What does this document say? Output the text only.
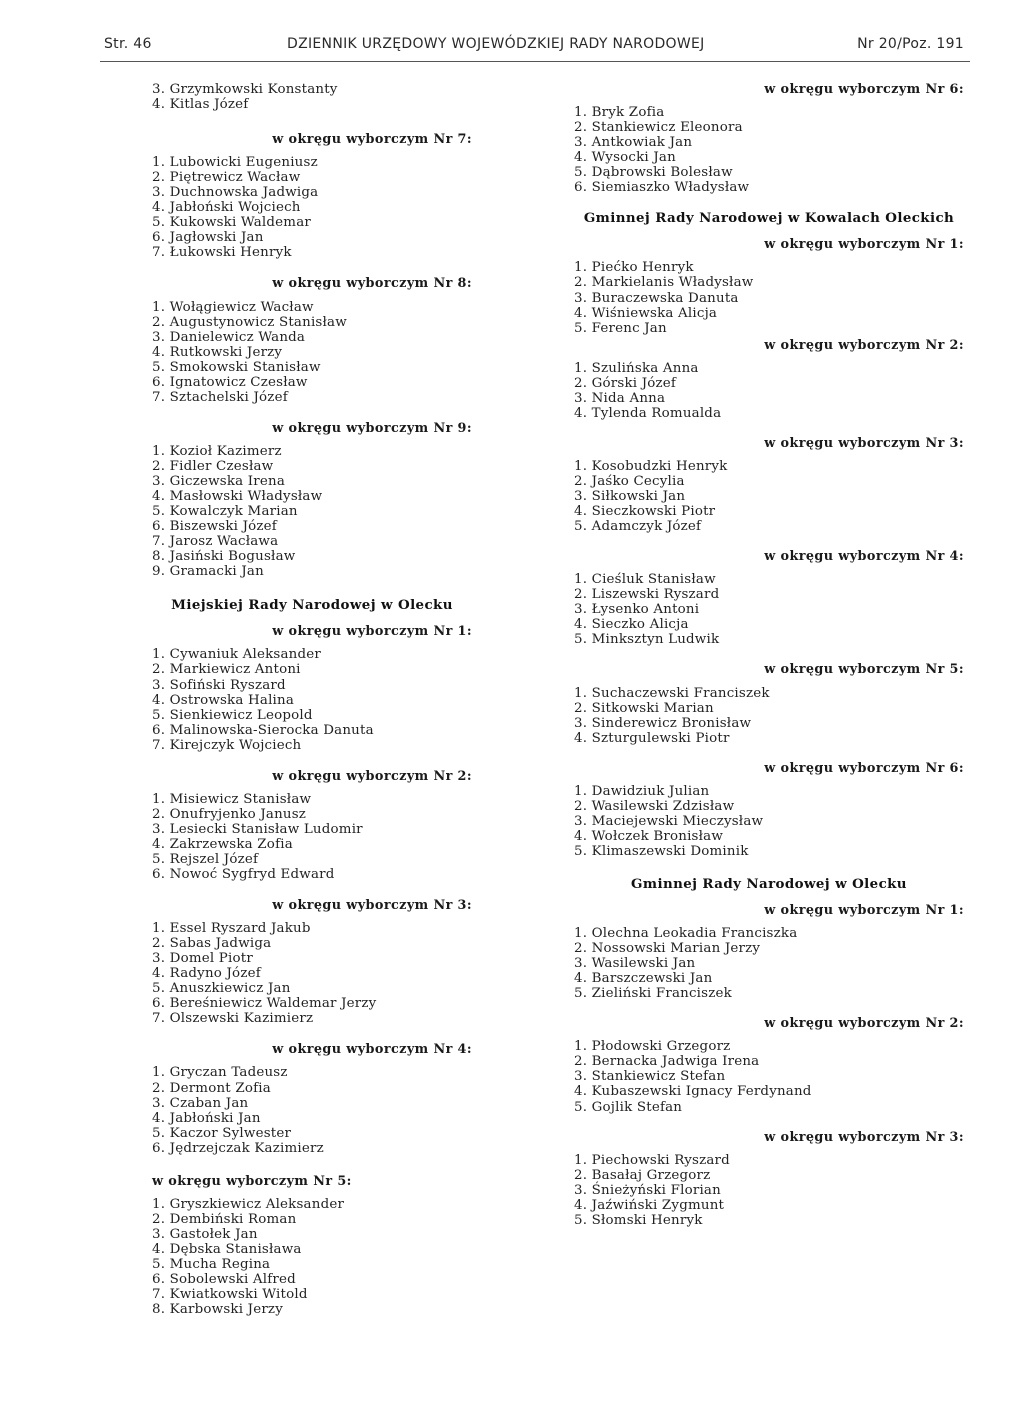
Str. 46	DZIENNIK URZĘDOWY WOJEWÓDZKIEJ RADY NARODOWEJ	Nr 20/Poz. 191
3. Grzymkowski Konstanty
4. Kitlas Józef
w okręgu wyborczym Nr 7:
1. Lubowicki Eugeniusz
2. Piętrewicz Wacław
3. Duchnowska Jadwiga
4. Jabłoński Wojciech
5. Kukowski Waldemar
6. Jagłowski Jan
7. Łukowski Henryk
w okręgu wyborczym Nr 8:
1. Wołągiewicz Wacław
2. Augustynowicz Stanisław
3. Danielewicz Wanda
4. Rutkowski Jerzy
5. Smokowski Stanisław
6. Ignatowicz Czesław
7. Sztachelski Józef
w okręgu wyborczym Nr 9:
1. Kozioł Kazimerz
2. Fidler Czesław
3. Giczewska Irena
4. Masłowski Władysław
5. Kowalczyk Marian
6. Biszewski Józef
7. Jarosz Wacława
8. Jasiński Bogusław
9. Gramacki Jan
Miejskiej Rady Narodowej w Olecku
w okręgu wyborczym Nr 1:
1. Cywaniuk Aleksander
2. Markiewicz Antoni
3. Sofiński Ryszard
4. Ostrowska Halina
5. Sienkiewicz Leopold
6. Malinowska-Sierocka Danuta
7. Kirejczyk Wojciech
w okręgu wyborczym Nr 2:
1. Misiewicz Stanisław
2. Onufryjenko Janusz
3. Lesiecki Stanisław Ludomir
4. Zakrzewska Zofia
5. Rejszel Józef
6. Nowoć Sygfryd Edward
w okręgu wyborczym Nr 3:
1. Essel Ryszard Jakub
2. Sabas Jadwiga
3. Domel Piotr
4. Radyno Józef
5. Anuszkiewicz Jan
6. Bereśniewicz Waldemar Jerzy
7. Olszewski Kazimierz
w okręgu wyborczym Nr 4:
1. Gryczan Tadeusz
2. Dermont Zofia
3. Czaban Jan
4. Jabłoński Jan
5. Kaczor Sylwester
6. Jędrzejczak Kazimierz
w okręgu wyborczym Nr 5:
1. Gryszkiewicz Aleksander
2. Dembiński Roman
3. Gastołek Jan
4. Dębska Stanisława
5. Mucha Regina
6. Sobolewski Alfred
7. Kwiatkowski Witold
8. Karbowski Jerzy
w okręgu wyborczym Nr 6:
1. Bryk Zofia
2. Stankiewicz Eleonora
3. Antkowiak Jan
4. Wysocki Jan
5. Dąbrowski Bolesław
6. Siemiaszko Władysław
Gminnej Rady Narodowej w Kowalach Oleckich
w okręgu wyborczym Nr 1:
1. Piećko Henryk
2. Markielanis Władysław
3. Buraczewska Danuta
4. Wiśniewska Alicja
5. Ferenc Jan
w okręgu wyborczym Nr 2:
1. Szulińska Anna
2. Górski Józef
3. Nida Anna
4. Tylenda Romualda
w okręgu wyborczym Nr 3:
1. Kosobudzki Henryk
2. Jaśko Cecylia
3. Siłkowski Jan
4. Sieczkowski Piotr
5. Adamczyk Józef
w okręgu wyborczym Nr 4:
1. Cieśluk Stanisław
2. Liszewski Ryszard
3. Łysenko Antoni
4. Sieczko Alicja
5. Minksztyn Ludwik
w okręgu wyborczym Nr 5:
1. Suchaczewski Franciszek
2. Sitkowski Marian
3. Sinderewicz Bronisław
4. Szturgulewski Piotr
w okręgu wyborczym Nr 6:
1. Dawidziuk Julian
2. Wasilewski Zdzisław
3. Maciejewski Mieczysław
4. Wołczek Bronisław
5. Klimaszewski Dominik
Gminnej Rady Narodowej w Olecku
w okręgu wyborczym Nr 1:
1. Olechna Leokadia Franciszka
2. Nossowski Marian Jerzy
3. Wasilewski Jan
4. Barszczewski Jan
5. Zieliński Franciszek
w okręgu wyborczym Nr 2:
1. Płodowski Grzegorz
2. Bernacka Jadwiga Irena
3. Stankiewicz Stefan
4. Kubaszewski Ignacy Ferdynand
5. Gojlik Stefan
w okręgu wyborczym Nr 3:
1. Piechowski Ryszard
2. Basałaj Grzegorz
3. Śnieżyński Florian
4. Jaźwiński Zygmunt
5. Słomski Henryk
